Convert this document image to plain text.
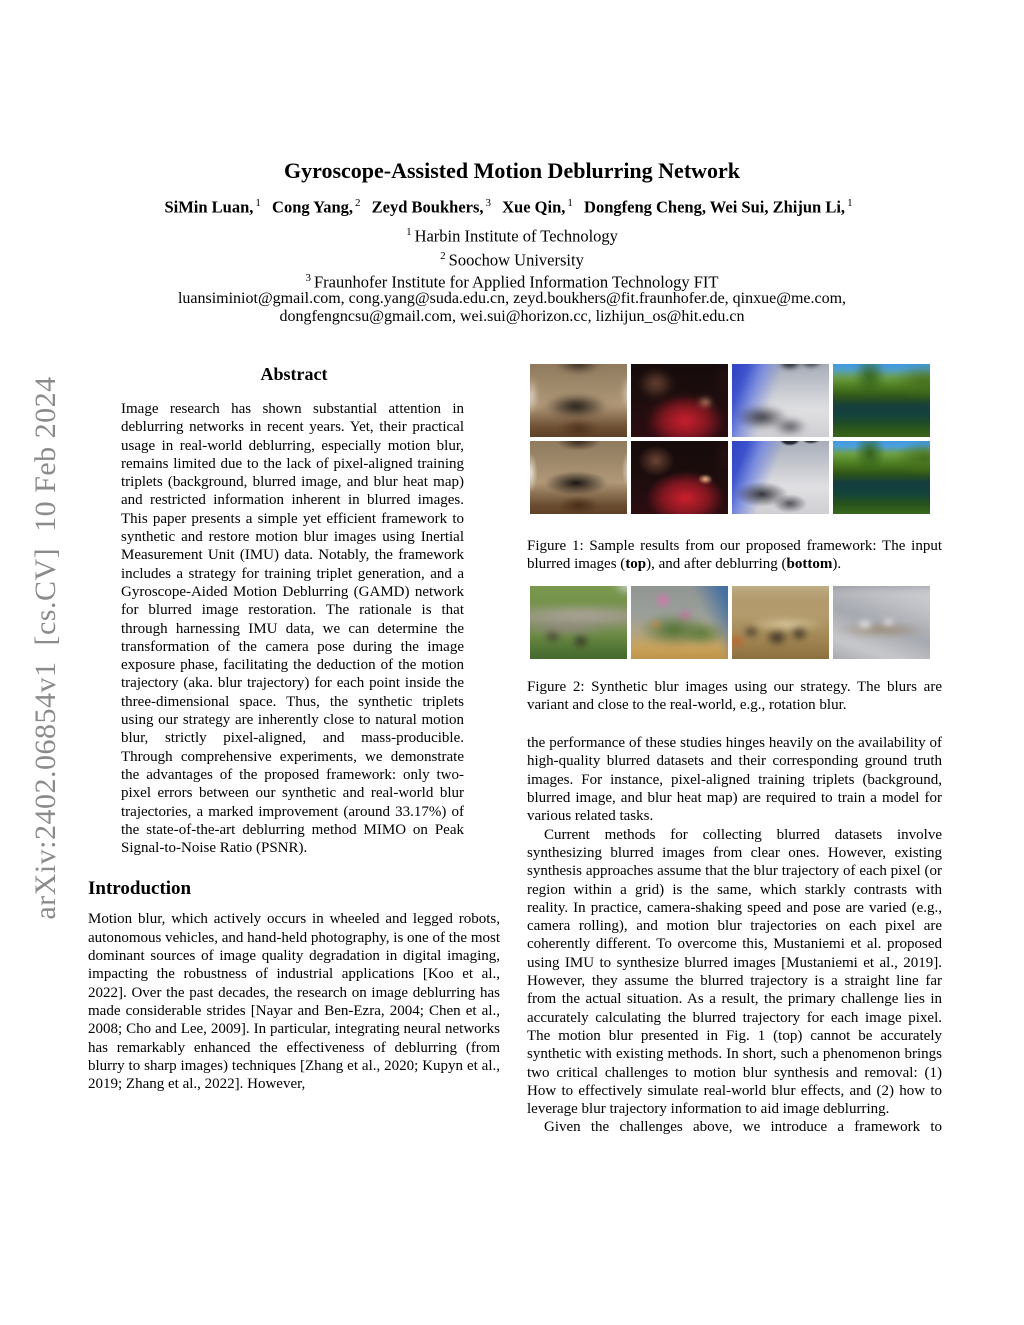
arXiv:2402.06854v1  [cs.CV]  10 Feb 2024
Gyroscope-Assisted Motion Deblurring Network
SiMin Luan, $^1$ Cong Yang, $^2$ Zeyd Boukhers, $^3$ Xue Qin, $^1$ Dongfeng Cheng, Wei Sui, Zhijun Li, $^1$
$^1$ Harbin Institute of Technology
$^2$ Soochow University
$^3$ Fraunhofer Institute for Applied Information Technology FIT
luansiminiot@gmail.com, cong.yang@suda.edu.cn, zeyd.boukhers@fit.fraunhofer.de, qinxue@me.com,
dongfengncsu@gmail.com, wei.sui@horizon.cc, lizhijun_os@hit.edu.cn
Abstract

Image research has shown substantial attention in deblurring networks in recent years. Yet, their practical usage in real-world deblurring, especially motion blur, remains limited due to the lack of pixel-aligned training triplets (background, blurred image, and blur heat map) and restricted information inherent in blurred images. This paper presents a simple yet efficient framework to synthetic and restore motion blur images using Inertial Measurement Unit (IMU) data. Notably, the framework includes a strategy for training triplet generation, and a Gyroscope-Aided Motion Deblurring (GAMD) network for blurred image restoration. The rationale is that through harnessing IMU data, we can determine the transformation of the camera pose during the image exposure phase, facilitating the deduction of the motion trajectory (aka. blur trajectory) for each point inside the three-dimensional space. Thus, the synthetic triplets using our strategy are inherently close to natural motion blur, strictly pixel-aligned, and mass-producible. Through comprehensive experiments, we demonstrate the advantages of the proposed framework: only two-pixel errors between our synthetic and real-world blur trajectories, a marked improvement (around 33.17%) of the state-of-the-art deblurring method MIMO on Peak Signal-to-Noise Ratio (PSNR).

Introduction

Motion blur, which actively occurs in wheeled and legged robots, autonomous vehicles, and hand-held photography, is one of the most dominant sources of image quality degradation in digital imaging, impacting the robustness of industrial applications [Koo et al., 2022]. Over the past decades, the research on image deblurring has made considerable strides [Nayar and Ben-Ezra, 2004; Chen et al., 2008; Cho and Lee, 2009]. In particular, integrating neural networks has remarkably enhanced the effectiveness of deblurring (from blurry to sharp images) techniques [Zhang et al., 2020; Kupyn et al., 2019; Zhang et al., 2022]. However,

Figure 1: Sample results from our proposed framework: The input blurred images (top), and after deblurring (bottom).
Figure 2: Synthetic blur images using our strategy. The blurs are variant and close to the real-world, e.g., rotation blur.

the performance of these studies hinges heavily on the availability of high-quality blurred datasets and their corresponding ground truth images. For instance, pixel-aligned training triplets (background, blurred image, and blur heat map) are required to train a model for various related tasks.

Current methods for collecting blurred datasets involve synthesizing blurred images from clear ones. However, existing synthesis approaches assume that the blur trajectory of each pixel (or region within a grid) is the same, which starkly contrasts with reality. In practice, camera-shaking speed and pose are varied (e.g., camera rolling), and motion blur trajectories on each pixel are coherently different. To overcome this, Mustaniemi et al. proposed using IMU to synthesize blurred images [Mustaniemi et al., 2019]. However, they assume the blurred trajectory is a straight line far from the actual situation. As a result, the primary challenge lies in accurately calculating the blurred trajectory for each image pixel. The motion blur presented in Fig. 1 (top) cannot be accurately synthetic with existing methods. In short, such a phenomenon brings two critical challenges to motion blur synthesis and removal: (1) How to effectively simulate real-world blur effects, and (2) how to leverage blur trajectory information to aid image deblurring.

Given the challenges above, we introduce a framework to
